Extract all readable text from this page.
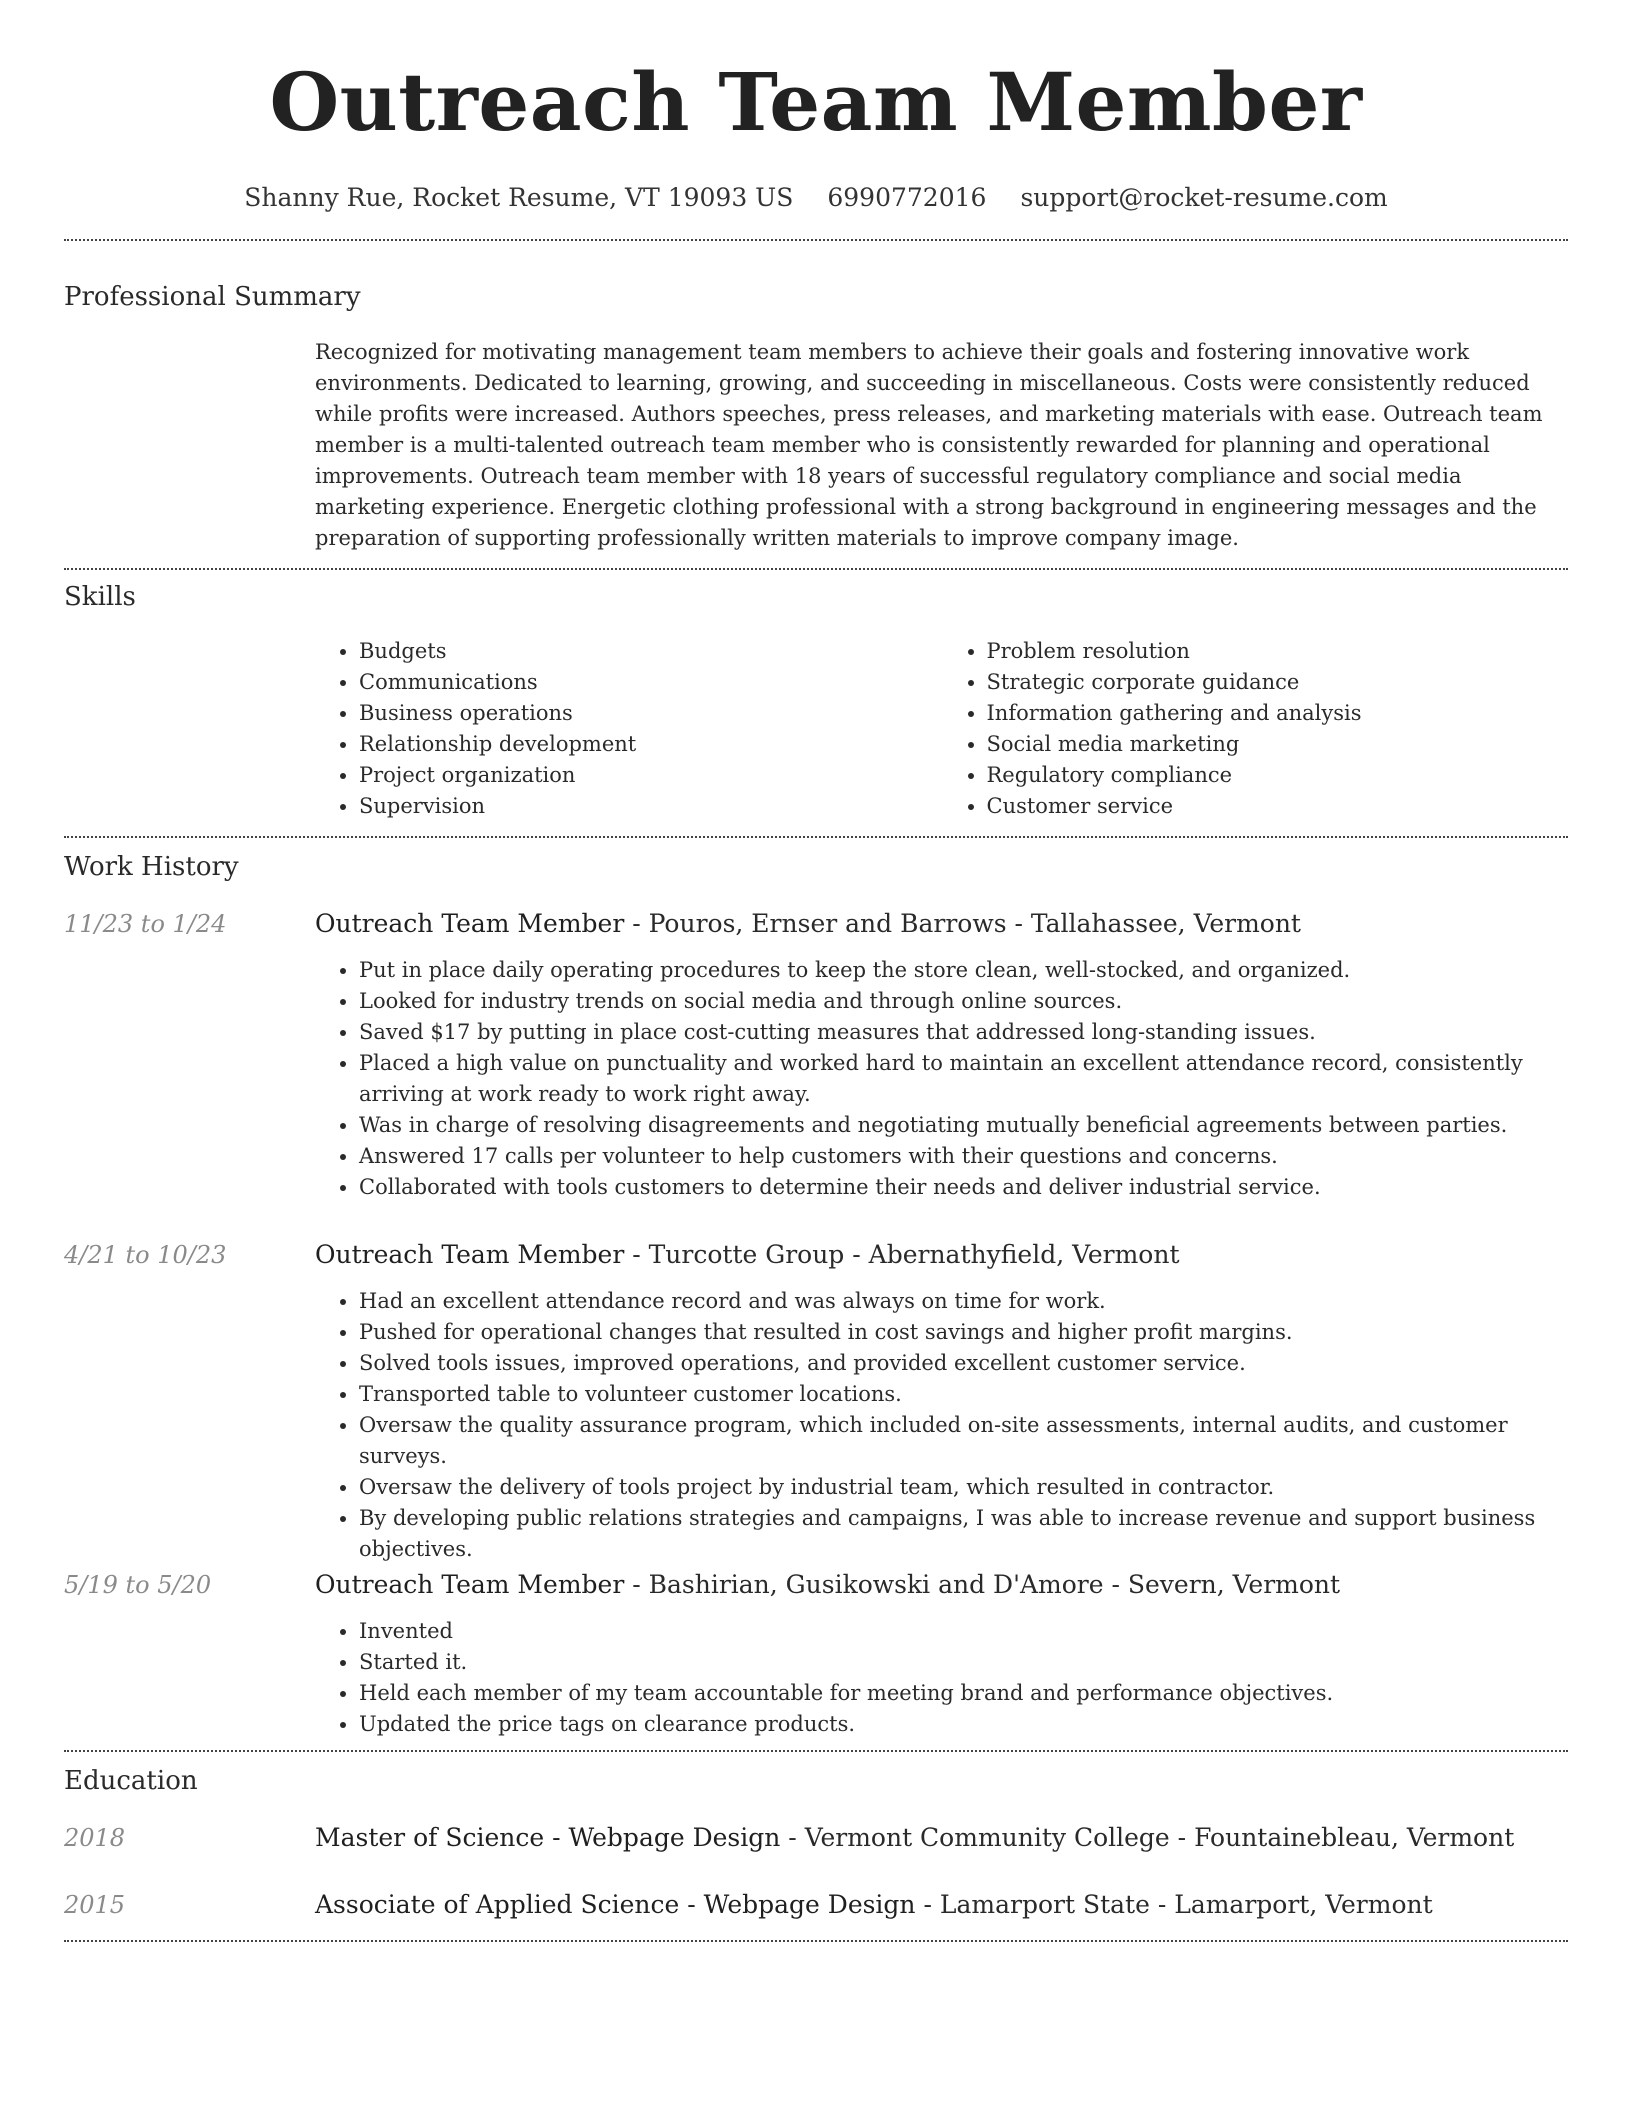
Outreach Team Member
Shanny Rue, Rocket Resume, VT 19093 US 6990772016 support@rocket-resume.com
Professional Summary
Recognized for motivating management team members to achieve their goals and fostering innovative work environments. Dedicated to learning, growing, and succeeding in miscellaneous. Costs were consistently reduced while profits were increased. Authors speeches, press releases, and marketing materials with ease. Outreach team member is a multi-talented outreach team member who is consistently rewarded for planning and operational improvements. Outreach team member with 18 years of successful regulatory compliance and social media marketing experience. Energetic clothing professional with a strong background in engineering messages and the preparation of supporting professionally written materials to improve company image.
Skills
• Budgets
• Communications
• Business operations
• Relationship development
• Project organization
• Supervision
• Problem resolution
• Strategic corporate guidance
• Information gathering and analysis
• Social media marketing
• Regulatory compliance
• Customer service
Work History
11/23 to 1/24	Outreach Team Member - Pouros, Ernser and Barrows - Tallahassee, Vermont
• Put in place daily operating procedures to keep the store clean, well-stocked, and organized.
• Looked for industry trends on social media and through online sources.
• Saved $17 by putting in place cost-cutting measures that addressed long-standing issues.
• Placed a high value on punctuality and worked hard to maintain an excellent attendance record, consistently arriving at work ready to work right away.
• Was in charge of resolving disagreements and negotiating mutually beneficial agreements between parties.
• Answered 17 calls per volunteer to help customers with their questions and concerns.
• Collaborated with tools customers to determine their needs and deliver industrial service.
4/21 to 10/23	Outreach Team Member - Turcotte Group - Abernathyfield, Vermont
• Had an excellent attendance record and was always on time for work.
• Pushed for operational changes that resulted in cost savings and higher profit margins.
• Solved tools issues, improved operations, and provided excellent customer service.
• Transported table to volunteer customer locations.
• Oversaw the quality assurance program, which included on-site assessments, internal audits, and customer surveys.
• Oversaw the delivery of tools project by industrial team, which resulted in contractor.
• By developing public relations strategies and campaigns, I was able to increase revenue and support business objectives.
5/19 to 5/20	Outreach Team Member - Bashirian, Gusikowski and D'Amore - Severn, Vermont
• Invented
• Started it.
• Held each member of my team accountable for meeting brand and performance objectives.
• Updated the price tags on clearance products.
Education
2018	Master of Science - Webpage Design - Vermont Community College - Fountainebleau, Vermont
2015	Associate of Applied Science - Webpage Design - Lamarport State - Lamarport, Vermont
